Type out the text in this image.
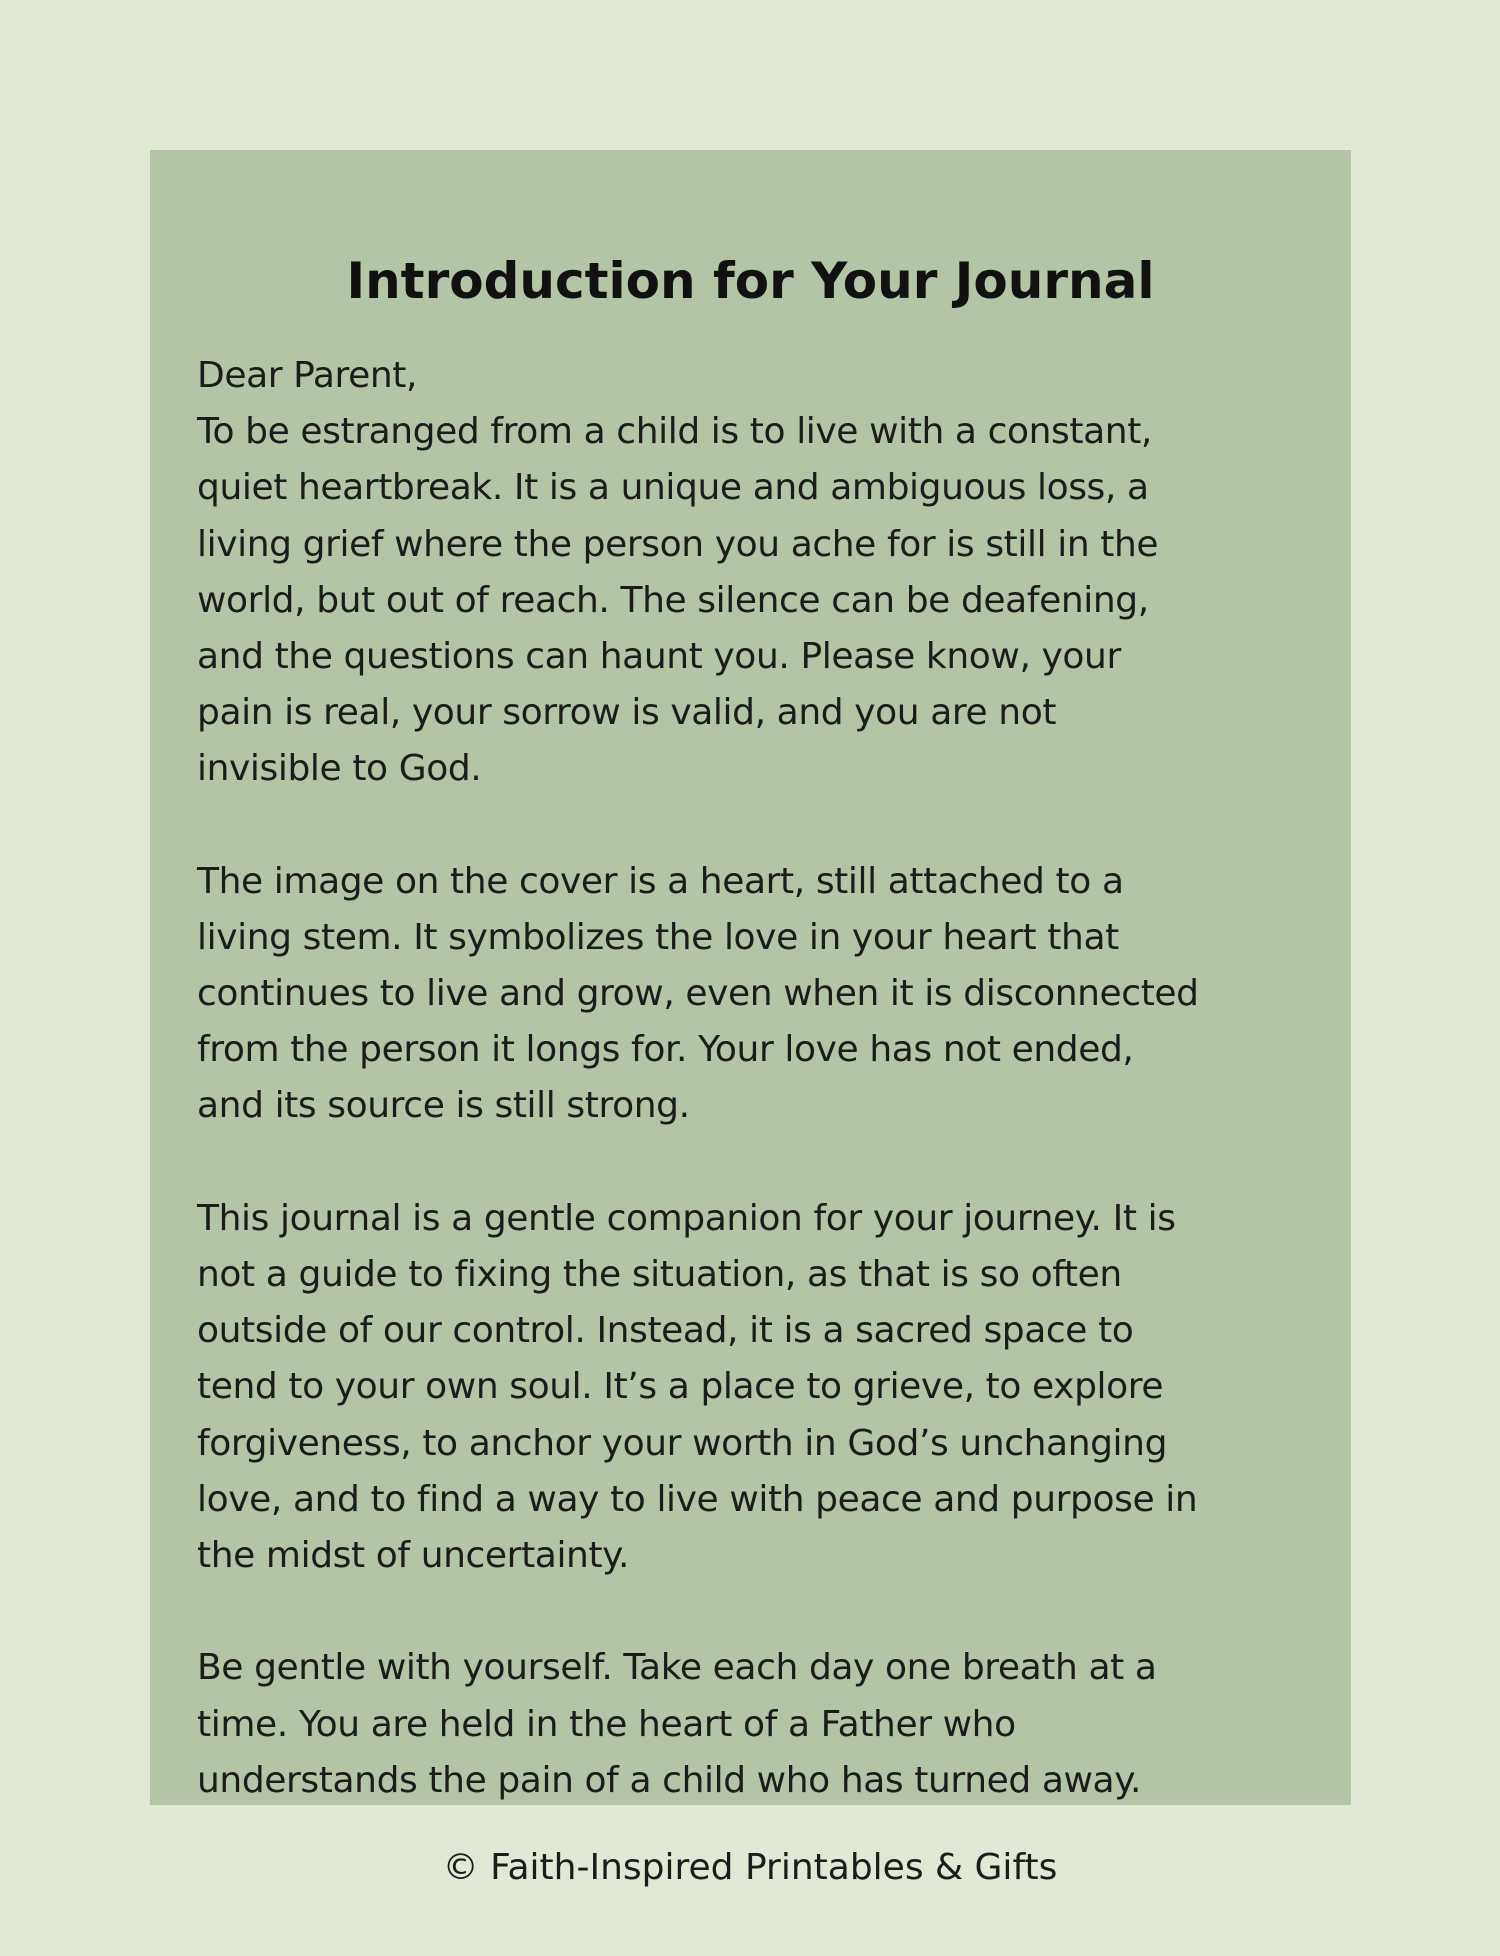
Introduction for Your Journal
Dear Parent,
To be estranged from a child is to live with a constant,
quiet heartbreak. It is a unique and ambiguous loss, a
living grief where the person you ache for is still in the
world, but out of reach. The silence can be deafening,
and the questions can haunt you. Please know, your
pain is real, your sorrow is valid, and you are not
invisible to God.
The image on the cover is a heart, still attached to a
living stem. It symbolizes the love in your heart that
continues to live and grow, even when it is disconnected
from the person it longs for. Your love has not ended,
and its source is still strong.
This journal is a gentle companion for your journey. It is
not a guide to fixing the situation, as that is so often
outside of our control. Instead, it is a sacred space to
tend to your own soul. It’s a place to grieve, to explore
forgiveness, to anchor your worth in God’s unchanging
love, and to find a way to live with peace and purpose in
the midst of uncertainty.
Be gentle with yourself. Take each day one breath at a
time. You are held in the heart of a Father who
understands the pain of a child who has turned away.
© Faith-Inspired Printables & Gifts
